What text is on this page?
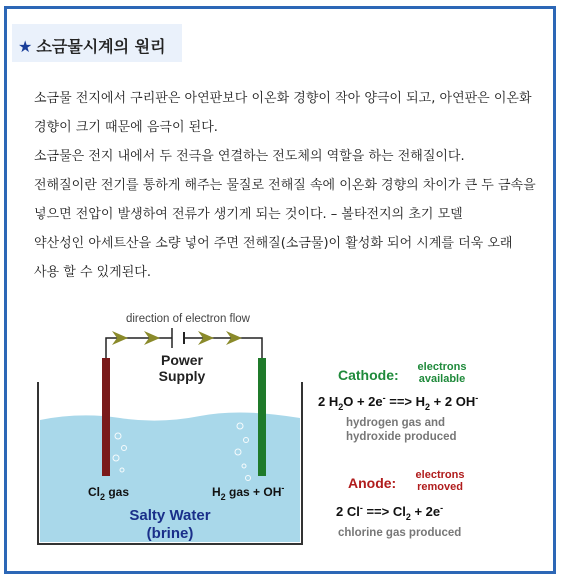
★ 소금물시계의 원리

소금물 전지에서 구리판은 아연판보다 이온화 경향이 작아 양극이 되고, 아연판은 이온화

경향이 크기 때문에 음극이 된다.

소금물은 전지 내에서 두 전극을 연결하는 전도체의 역할을 하는 전해질이다.

전해질이란 전기를 통하게 해주는 물질로 전해질 속에 이온화 경향의 차이가 큰 두 금속을

넣으면 전압이 발생하여 전류가 생기게 되는 것이다. – 볼타전지의 초기 모델

약산성인 아세트산을 소량 넣어 주면 전해질(소금물)이 활성화 되어 시계를 더욱 오래

사용 할 수 있게된다.

direction of electron flow
Power
Supply
$Cl_2$ gas	$H_2$ gas + OH-
Salty Water
(brine)
Cathode: electrons
available
2 $H_2O + 2e^-$ ==> $H_2 + 2$ OH-
hydrogen gas and
hydroxide produced
Anode: electrons
removed
2 Cl- ==> $Cl_2 + 2e^-$
chlorine gas produced
